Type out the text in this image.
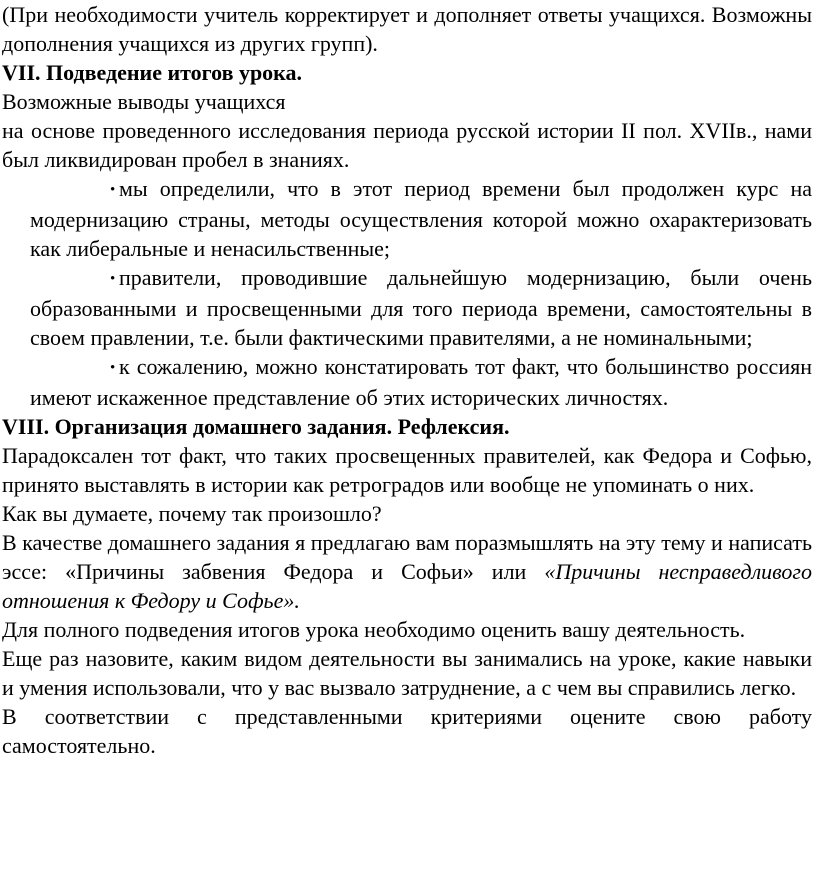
(При необходимости учитель корректирует и дополняет ответы учащихся. Возможны дополнения учащихся из других групп).

VII. Подведение итогов урока.

Возможные выводы учащихся

на основе проведенного исследования периода русской истории II пол. XVIIв., нами был ликвидирован пробел в знаниях.

• мы определили, что в этот период времени был продолжен курс на модернизацию страны, методы осуществления которой можно охарактеризовать как либеральные и ненасильственные;

• правители, проводившие дальнейшую модернизацию, были очень образованными и просвещенными для того периода времени, самостоятельны в своем правлении, т.е. были фактическими правителями, а не номинальными;

• к сожалению, можно констатировать тот факт, что большинство россиян имеют искаженное представление об этих исторических личностях.

VIII. Организация домашнего задания. Рефлексия.

Парадоксален тот факт, что таких просвещенных правителей, как Федора и Софью, принято выставлять в истории как ретроградов или вообще не упоминать о них.

Как вы думаете, почему так произошло?

В качестве домашнего задания я предлагаю вам поразмышлять на эту тему и написать эссе: «Причины забвения Федора и Софьи» или «Причины несправедливого отношения к Федору и Софье».

Для полного подведения итогов урока необходимо оценить вашу деятельность.

Еще раз назовите, каким видом деятельности вы занимались на уроке, какие навыки и умения использовали, что у вас вызвало затруднение, а с чем вы справились легко.

В соответствии с представленными критериями оцените свою работу самостоятельно.
